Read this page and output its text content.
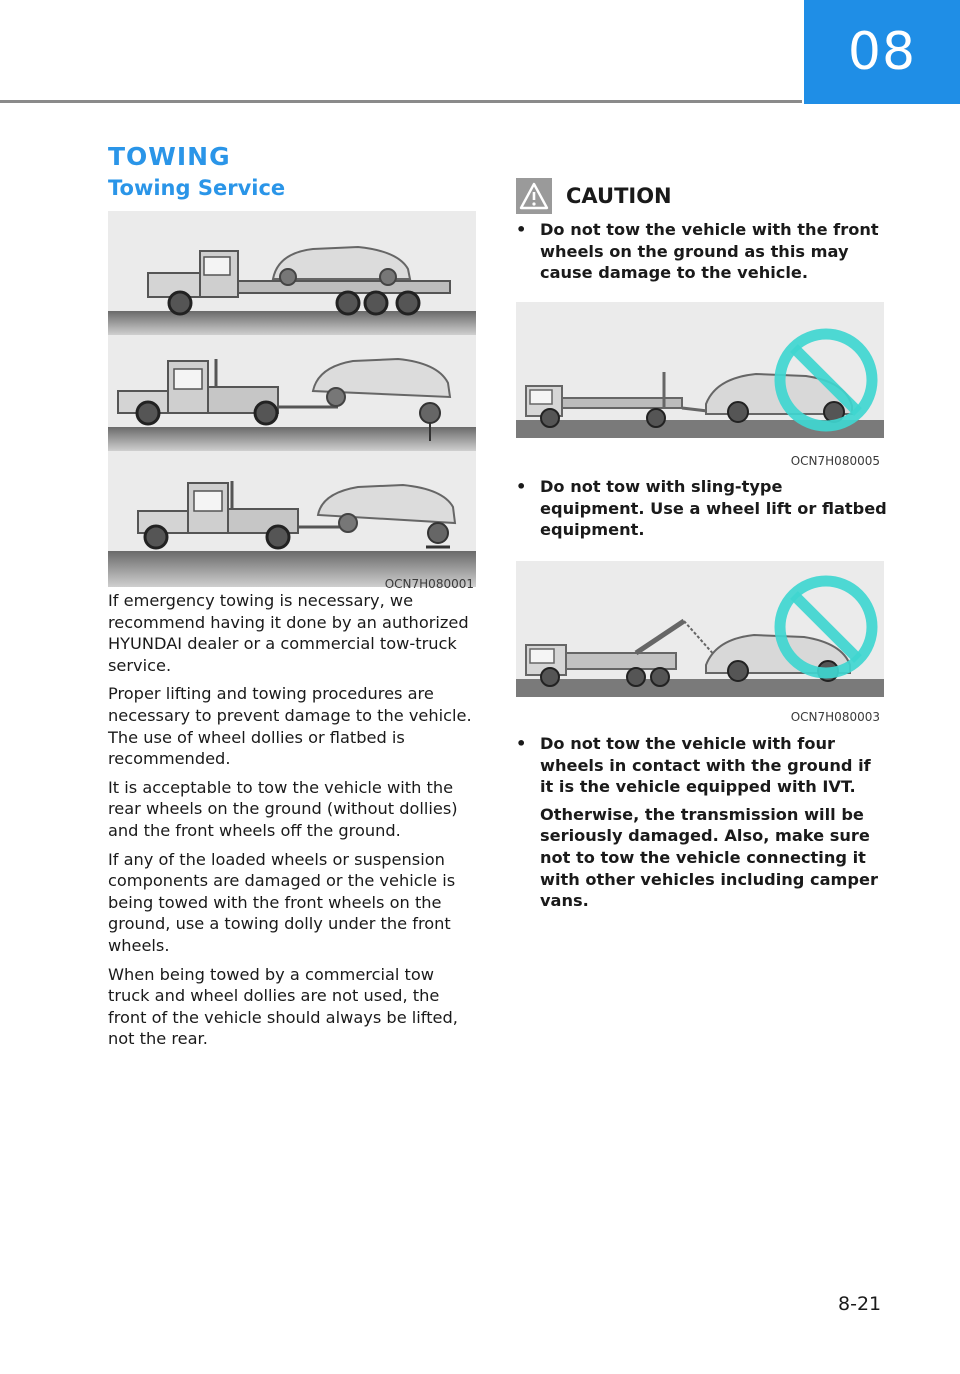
08
TOWING
Towing Service
OCN7H080001

If emergency towing is necessary, we recommend having it done by an authorized HYUNDAI dealer or a commercial tow-truck service.

Proper lifting and towing procedures are necessary to prevent damage to the vehicle. The use of wheel dollies or flatbed is recommended.

It is acceptable to tow the vehicle with the rear wheels on the ground (without dollies) and the front wheels off the ground.

If any of the loaded wheels or suspension components are damaged or the vehicle is being towed with the front wheels on the ground, use a towing dolly under the front wheels.

When being towed by a commercial tow truck and wheel dollies are not used, the front of the vehicle should always be lifted, not the rear.

CAUTION
• Do not tow the vehicle with the front wheels on the ground as this may cause damage to the vehicle.
OCN7H080005
• Do not tow with sling-type equipment. Use a wheel lift or flatbed equipment.
OCN7H080003
• Do not tow the vehicle with four wheels in contact with the ground if it is the vehicle equipped with IVT.
Otherwise, the transmission will be seriously damaged. Also, make sure not to tow the vehicle connecting it with other vehicles including camper vans.
8-21
